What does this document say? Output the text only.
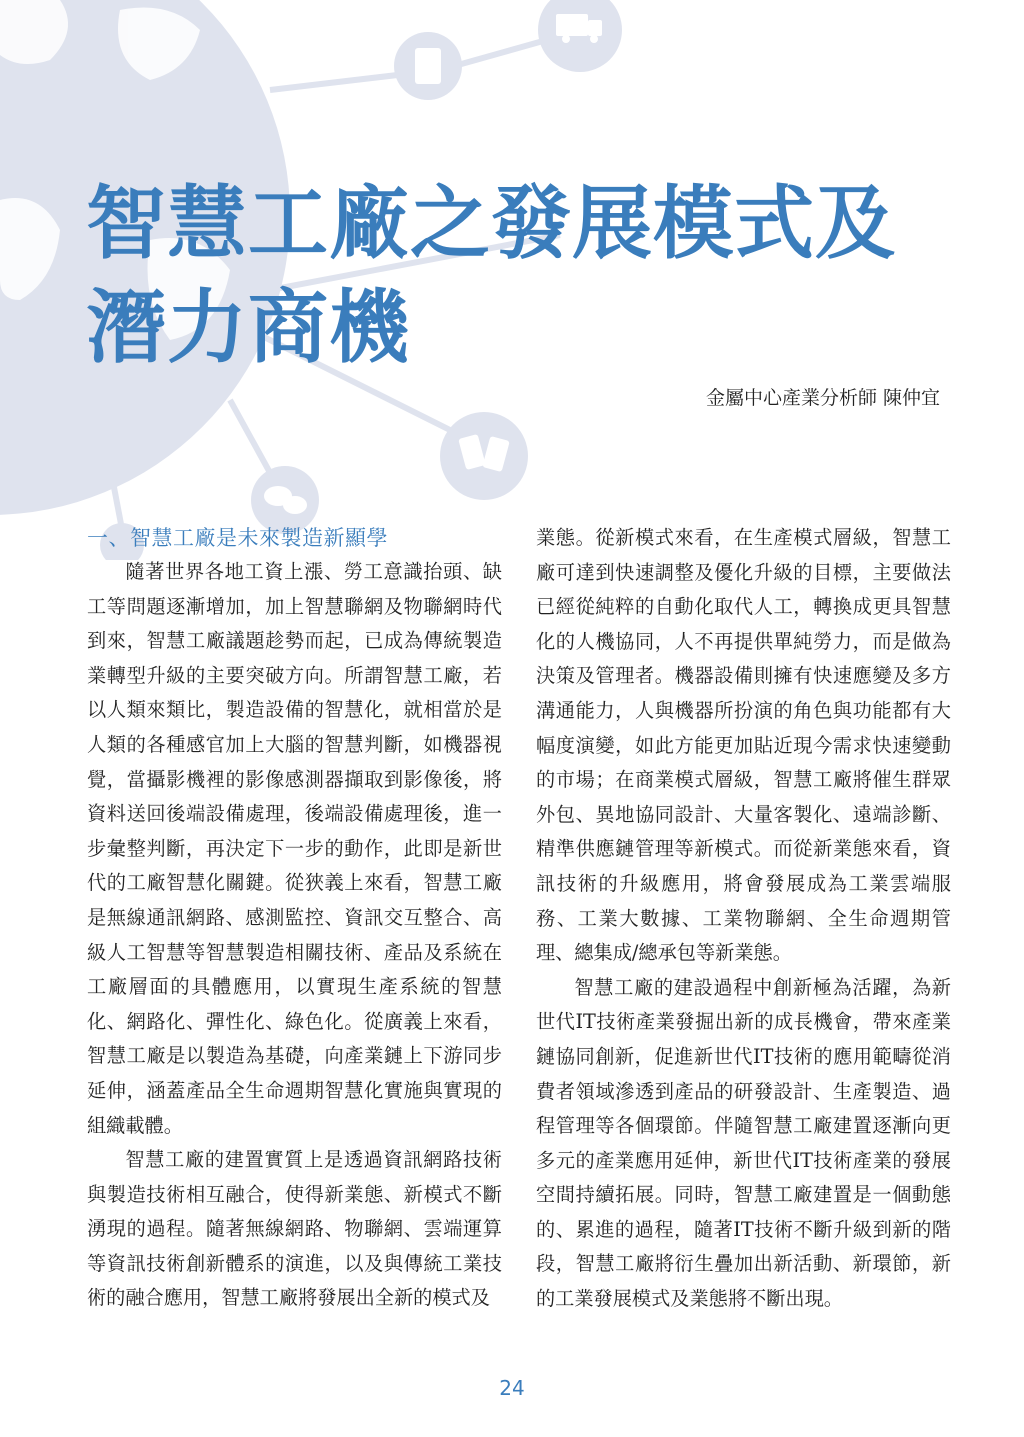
智慧工廠之發展模式及
潛力商機
金屬中心產業分析師 陳仲宜
一、智慧工廠是未來製造新顯學

隨著世界各地工資上漲、勞工意識抬頭、缺工等問題逐漸增加，加上智慧聯網及物聯網時代到來，智慧工廠議題趁勢而起，已成為傳統製造業轉型升級的主要突破方向。所謂智慧工廠，若以人類來類比，製造設備的智慧化，就相當於是人類的各種感官加上大腦的智慧判斷，如機器視覺，當攝影機裡的影像感測器擷取到影像後，將資料送回後端設備處理，後端設備處理後，進一步彙整判斷，再決定下一步的動作，此即是新世代的工廠智慧化關鍵。從狹義上來看，智慧工廠是無線通訊網路、感測監控、資訊交互整合、高級人工智慧等智慧製造相關技術、產品及系統在工廠層面的具體應用，以實現生產系統的智慧化、網路化、彈性化、綠色化。從廣義上來看，智慧工廠是以製造為基礎，向產業鏈上下游同步延伸，涵蓋產品全生命週期智慧化實施與實現的組織載體。

智慧工廠的建置實質上是透過資訊網路技術與製造技術相互融合，使得新業態、新模式不斷湧現的過程。隨著無線網路、物聯網、雲端運算等資訊技術創新體系的演進，以及與傳統工業技術的融合應用，智慧工廠將發展出全新的模式及

業態。從新模式來看，在生產模式層級，智慧工廠可達到快速調整及優化升級的目標，主要做法已經從純粹的自動化取代人工，轉換成更具智慧化的人機協同，人不再提供單純勞力，而是做為決策及管理者。機器設備則擁有快速應變及多方溝通能力，人與機器所扮演的角色與功能都有大幅度演變，如此方能更加貼近現今需求快速變動的市場；在商業模式層級，智慧工廠將催生群眾外包、異地協同設計、大量客製化、遠端診斷、精準供應鏈管理等新模式。而從新業態來看，資訊技術的升級應用，將會發展成為工業雲端服務、工業大數據、工業物聯網、全生命週期管理、總集成/總承包等新業態。

智慧工廠的建設過程中創新極為活躍，為新世代IT技術產業發掘出新的成長機會，帶來產業鏈協同創新，促進新世代IT技術的應用範疇從消費者領域滲透到產品的研發設計、生產製造、過程管理等各個環節。伴隨智慧工廠建置逐漸向更多元的產業應用延伸，新世代IT技術產業的發展空間持續拓展。同時，智慧工廠建置是一個動態的、累進的過程，隨著IT技術不斷升級到新的階段，智慧工廠將衍生疊加出新活動、新環節，新的工業發展模式及業態將不斷出現。

24
